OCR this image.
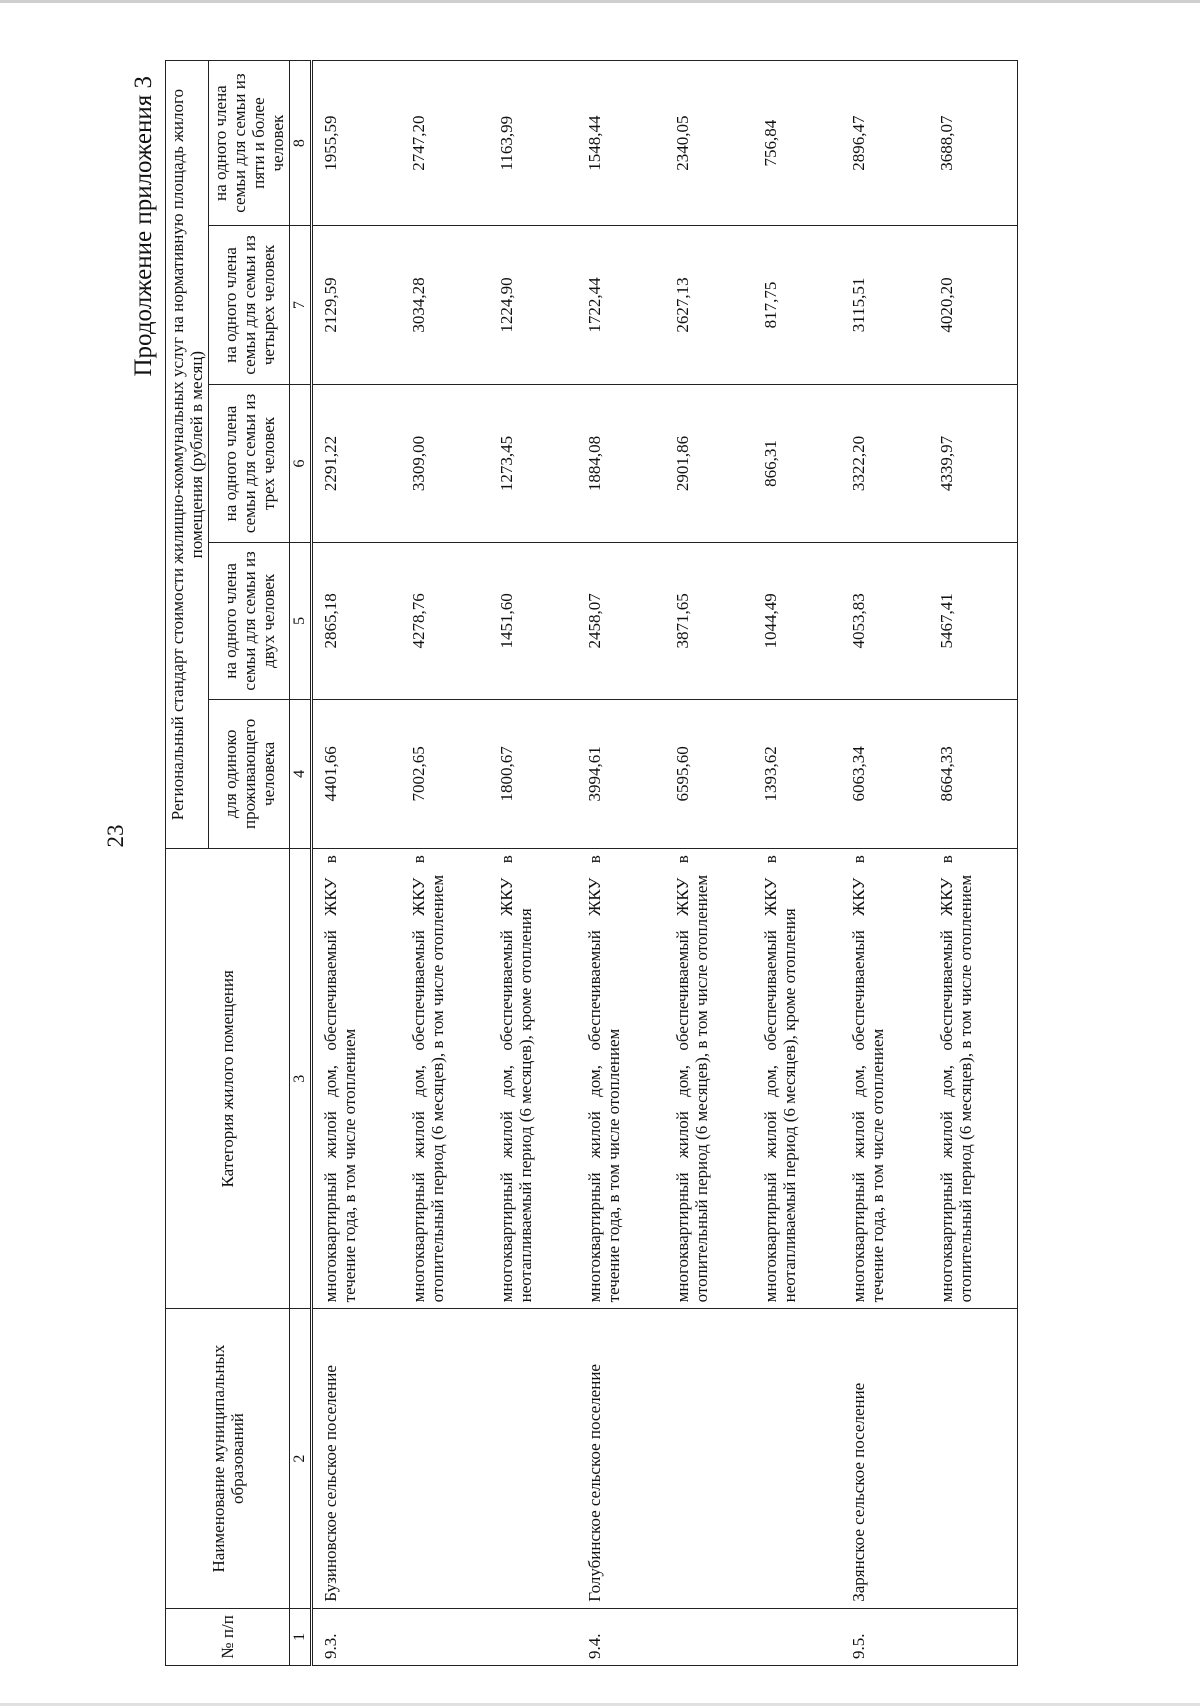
23
Продолжение приложения 3
№ п/п	Наименование муниципальных образований	Категория жилого помещения	Региональный стандарт стоимости жилищно-коммунальных услуг на нормативную площадь жилого помещения (рублей в месяц)				
			для одиноко проживающего человека	на одного члена семьи для семьи из двух человек	на одного члена семьи для семьи из трех человек	на одного члена семьи для семьи из четырех человек	на одного члена семьи для семьи из пяти и более человек
1	2	3	4	5	6	7	8
9.3.	Бузиновское сельское поселение	многоквартирный жилой дом, обеспечиваемый ЖКУ в течение года, в том числе отоплением	4401,66	2865,18	2291,22	2129,59	1955,59
		многоквартирный жилой дом, обеспечиваемый ЖКУ в отопительный период (6 месяцев), в том числе отоплением	7002,65	4278,76	3309,00	3034,28	2747,20
		многоквартирный жилой дом, обеспечиваемый ЖКУ в неотапливаемый период (6 месяцев), кроме отопления	1800,67	1451,60	1273,45	1224,90	1163,99
9.4.	Голубинское сельское поселение	многоквартирный жилой дом, обеспечиваемый ЖКУ в течение года, в том числе отоплением	3994,61	2458,07	1884,08	1722,44	1548,44
		многоквартирный жилой дом, обеспечиваемый ЖКУ в отопительный период (6 месяцев), в том числе отоплением	6595,60	3871,65	2901,86	2627,13	2340,05
		многоквартирный жилой дом, обеспечиваемый ЖКУ в неотапливаемый период (6 месяцев), кроме отопления	1393,62	1044,49	866,31	817,75	756,84
9.5.	Зарянское сельское поселение	многоквартирный жилой дом, обеспечиваемый ЖКУ в течение года, в том числе отоплением	6063,34	4053,83	3322,20	3115,51	2896,47
		многоквартирный жилой дом, обеспечиваемый ЖКУ в отопительный период (6 месяцев), в том числе отоплением	8664,33	5467,41	4339,97	4020,20	3688,07
